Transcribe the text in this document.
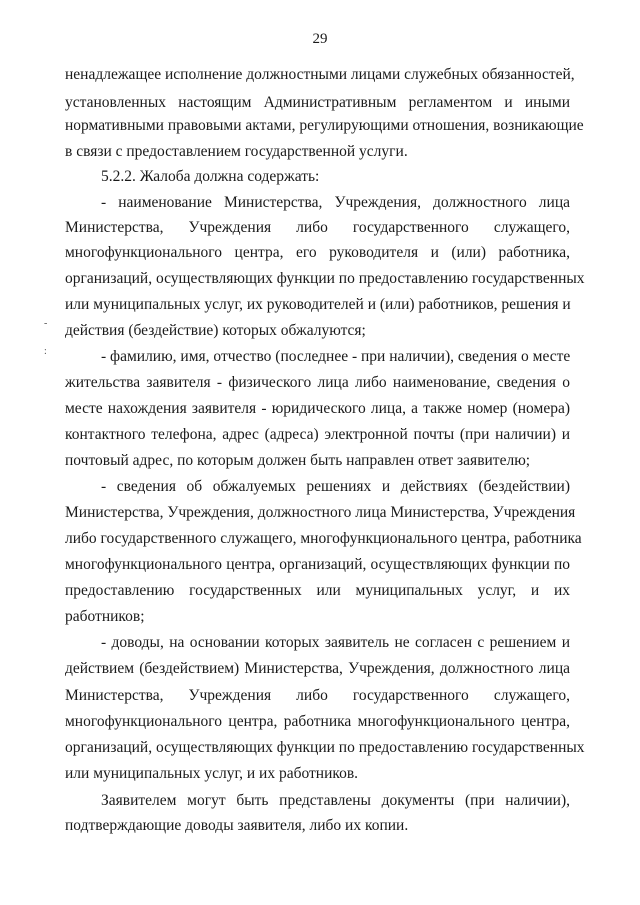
29
ненадлежащее исполнение должностными лицами служебных обязанностей,
установленных настоящим Административным регламентом и иными
нормативными правовыми актами, регулирующими отношения, возникающие
в связи с предоставлением государственной услуги.
5.2.2. Жалоба должна содержать:
- наименование Министерства, Учреждения, должностного лица
Министерства, Учреждения либо государственного служащего,
многофункционального центра, его руководителя и (или) работника,
организаций, осуществляющих функции по предоставлению государственных
или муниципальных услуг, их руководителей и (или) работников, решения и
действия (бездействие) которых обжалуются;
- фамилию, имя, отчество (последнее - при наличии), сведения о месте
жительства заявителя - физического лица либо наименование, сведения о
месте нахождения заявителя - юридического лица, а также номер (номера)
контактного телефона, адрес (адреса) электронной почты (при наличии) и
почтовый адрес, по которым должен быть направлен ответ заявителю;
- сведения об обжалуемых решениях и действиях (бездействии)
Министерства, Учреждения, должностного лица Министерства, Учреждения
либо государственного служащего, многофункционального центра, работника
многофункционального центра, организаций, осуществляющих функции по
предоставлению государственных или муниципальных услуг, и их
работников;
- доводы, на основании которых заявитель не согласен с решением и
действием (бездействием) Министерства, Учреждения, должностного лица
Министерства, Учреждения либо государственного служащего,
многофункционального центра, работника многофункционального центра,
организаций, осуществляющих функции по предоставлению государственных
или муниципальных услуг, и их работников.
Заявителем могут быть представлены документы (при наличии),
подтверждающие доводы заявителя, либо их копии.
-
:
